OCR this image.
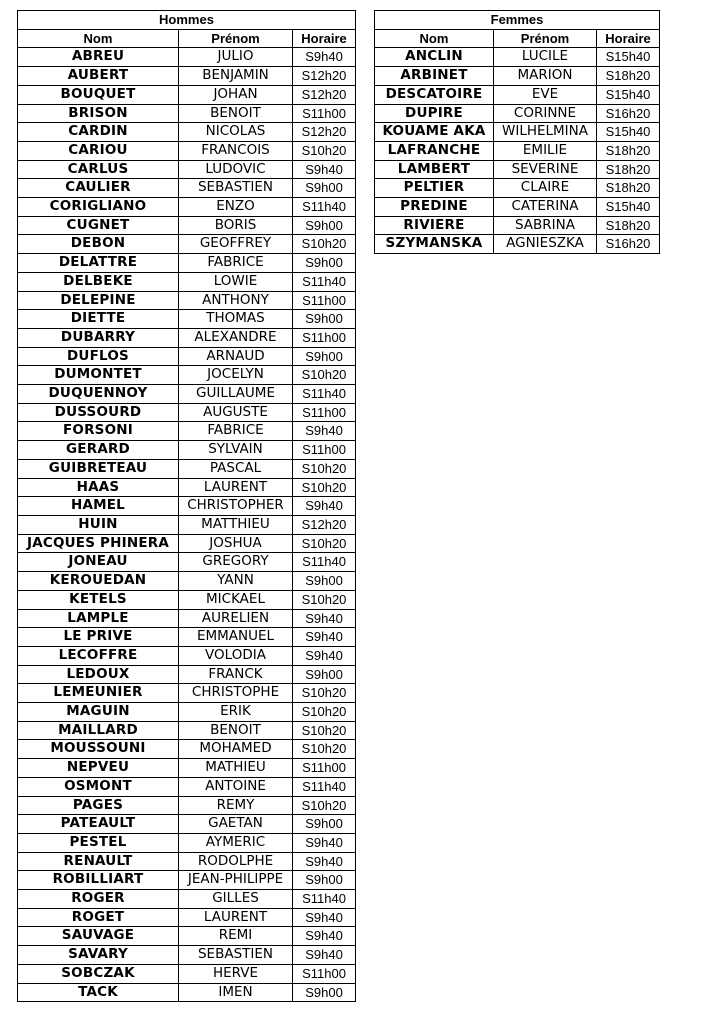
Hommes		
Nom	Prénom	Horaire
ABREU	JULIO	S9h40
AUBERT	BENJAMIN	S12h20
BOUQUET	JOHAN	S12h20
BRISON	BENOIT	S11h00
CARDIN	NICOLAS	S12h20
CARIOU	FRANCOIS	S10h20
CARLUS	LUDOVIC	S9h40
CAULIER	SEBASTIEN	S9h00
CORIGLIANO	ENZO	S11h40
CUGNET	BORIS	S9h00
DEBON	GEOFFREY	S10h20
DELATTRE	FABRICE	S9h00
DELBEKE	LOWIE	S11h40
DELEPINE	ANTHONY	S11h00
DIETTE	THOMAS	S9h00
DUBARRY	ALEXANDRE	S11h00
DUFLOS	ARNAUD	S9h00
DUMONTET	JOCELYN	S10h20
DUQUENNOY	GUILLAUME	S11h40
DUSSOURD	AUGUSTE	S11h00
FORSONI	FABRICE	S9h40
GERARD	SYLVAIN	S11h00
GUIBRETEAU	PASCAL	S10h20
HAAS	LAURENT	S10h20
HAMEL	CHRISTOPHER	S9h40
HUIN	MATTHIEU	S12h20
JACQUES PHINERA	JOSHUA	S10h20
JONEAU	GREGORY	S11h40
KEROUEDAN	YANN	S9h00
KETELS	MICKAEL	S10h20
LAMPLE	AURELIEN	S9h40
LE PRIVE	EMMANUEL	S9h40
LECOFFRE	VOLODIA	S9h40
LEDOUX	FRANCK	S9h00
LEMEUNIER	CHRISTOPHE	S10h20
MAGUIN	ERIK	S10h20
MAILLARD	BENOIT	S10h20
MOUSSOUNI	MOHAMED	S10h20
NEPVEU	MATHIEU	S11h00
OSMONT	ANTOINE	S11h40
PAGES	REMY	S10h20
PATEAULT	GAETAN	S9h00
PESTEL	AYMERIC	S9h40
RENAULT	RODOLPHE	S9h40
ROBILLIART	JEAN-PHILIPPE	S9h00
ROGER	GILLES	S11h40
ROGET	LAURENT	S9h40
SAUVAGE	REMI	S9h40
SAVARY	SEBASTIEN	S9h40
SOBCZAK	HERVE	S11h00
TACK	IMEN	S9h00
Femmes		
Nom	Prénom	Horaire
ANCLIN	LUCILE	S15h40
ARBINET	MARION	S18h20
DESCATOIRE	EVE	S15h40
DUPIRE	CORINNE	S16h20
KOUAME AKA	WILHELMINA	S15h40
LAFRANCHE	EMILIE	S18h20
LAMBERT	SEVERINE	S18h20
PELTIER	CLAIRE	S18h20
PREDINE	CATERINA	S15h40
RIVIERE	SABRINA	S18h20
SZYMANSKA	AGNIESZKA	S16h20
